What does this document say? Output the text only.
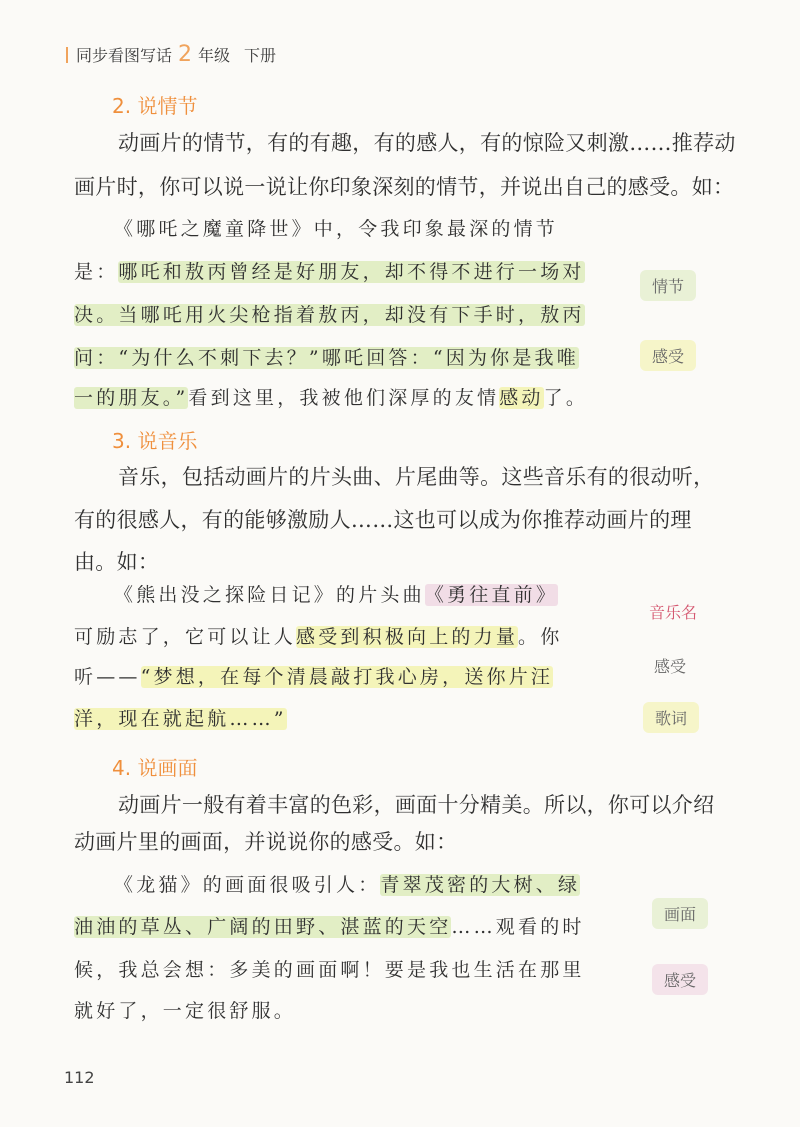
同步看图写话 2 年级 下册
2. 说情节
动画片的情节，有的有趣，有的感人，有的惊险又刺激……推荐动
画片时，你可以说一说让你印象深刻的情节，并说出自己的感受。如：
《哪吒之魔童降世》中，令我印象最深的情节
是：哪吒和敖丙曾经是好朋友，却不得不进行一场对
决。当哪吒用火尖枪指着敖丙，却没有下手时，敖丙
问：“为什么不刺下去？”哪吒回答：“因为你是我唯
一的朋友。”看到这里，我被他们深厚的友情感动了。
情节
感受
3. 说音乐
音乐，包括动画片的片头曲、片尾曲等。这些音乐有的很动听，
有的很感人，有的能够激励人……这也可以成为你推荐动画片的理
由。如：
《熊出没之探险日记》的片头曲《勇往直前》
可励志了，它可以让人感受到积极向上的力量。你
听——“梦想，在每个清晨敲打我心房，送你片汪
洋，现在就起航……”
音乐名
感受
歌词
4. 说画面
动画片一般有着丰富的色彩，画面十分精美。所以，你可以介绍
动画片里的画面，并说说你的感受。如：
《龙猫》的画面很吸引人：青翠茂密的大树、绿
油油的草丛、广阔的田野、湛蓝的天空……观看的时
候，我总会想：多美的画面啊！要是我也生活在那里
就好了，一定很舒服。
画面
感受
112
